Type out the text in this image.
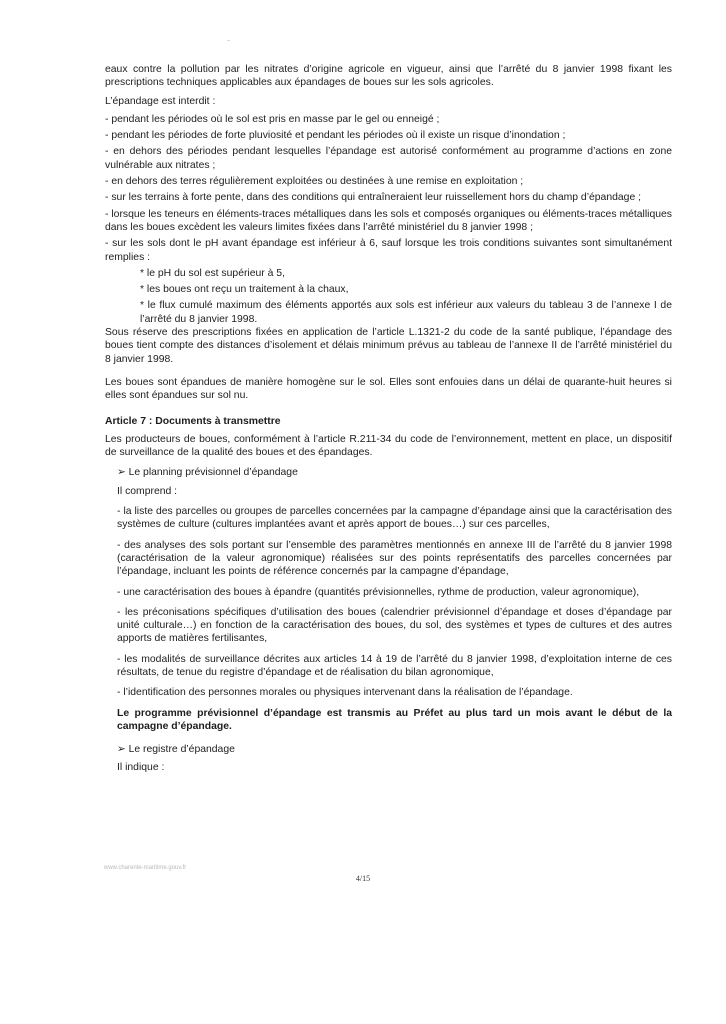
eaux contre la pollution par les nitrates d’origine agricole en vigueur, ainsi que l’arrêté du 8 janvier 1998 fixant les prescriptions techniques applicables aux épandages de boues sur les sols agricoles.

L’épandage est interdit :

- pendant les périodes où le sol est pris en masse par le gel ou enneigé ;

- pendant les périodes de forte pluviosité et pendant les périodes où il existe un risque d’inondation ;

- en dehors des périodes pendant lesquelles l’épandage est autorisé conformément au programme d’actions en zone vulnérable aux nitrates ;

- en dehors des terres régulièrement exploitées ou destinées à une remise en exploitation ;

- sur les terrains à forte pente, dans des conditions qui entraîneraient leur ruissellement hors du champ d’épandage ;

- lorsque les teneurs en éléments-traces métalliques dans les sols et composés organiques ou éléments-traces métalliques dans les boues excèdent les valeurs limites fixées dans l’arrêté ministériel du 8 janvier 1998 ;

- sur les sols dont le pH avant épandage est inférieur à 6, sauf lorsque les trois conditions suivantes sont simultanément remplies :

* le pH du sol est supérieur à 5,

* les boues ont reçu un traitement à la chaux,

* le flux cumulé maximum des éléments apportés aux sols est inférieur aux valeurs du tableau 3 de l’annexe I de l’arrêté du 8 janvier 1998.

Sous réserve des prescriptions fixées en application de l’article L.1321-2 du code de la santé publique, l’épandage des boues tient compte des distances d’isolement et délais minimum prévus au tableau de l’annexe II de l’arrêté ministériel du 8 janvier 1998.

Les boues sont épandues de manière homogène sur le sol. Elles sont enfouies dans un délai de quarante-huit heures si elles sont épandues sur sol nu.

Article 7 : Documents à transmettre

Les producteurs de boues, conformément à l’article R.211-34 du code de l’environnement, mettent en place, un dispositif de surveillance de la qualité des boues et des épandages.

➢ Le planning prévisionnel d’épandage

Il comprend :

- la liste des parcelles ou groupes de parcelles concernées par la campagne d’épandage ainsi que la caractérisation des systèmes de culture (cultures implantées avant et après apport de boues…) sur ces parcelles,

- des analyses des sols portant sur l’ensemble des paramètres mentionnés en annexe III de l’arrêté du 8 janvier 1998 (caractérisation de la valeur agronomique) réalisées sur des points représentatifs des parcelles concernées par l’épandage, incluant les points de référence concernés par la campagne d’épandage,

- une caractérisation des boues à épandre (quantités prévisionnelles, rythme de production, valeur agronomique),

- les préconisations spécifiques d’utilisation des boues (calendrier prévisionnel d’épandage et doses d’épandage par unité culturale…) en fonction de la caractérisation des boues, du sol, des systèmes et types de cultures et des autres apports de matières fertilisantes,

- les modalités de surveillance décrites aux articles 14 à 19 de l’arrêté du 8 janvier 1998, d’exploitation interne de ces résultats, de tenue du registre d’épandage et de réalisation du bilan agronomique,

- l’identification des personnes morales ou physiques intervenant dans la réalisation de l’épandage.

Le programme prévisionnel d’épandage est transmis au Préfet au plus tard un mois avant le début de la campagne d’épandage.

➢ Le registre d’épandage

Il indique :

www.charente-maritime.gouv.fr
4/15
